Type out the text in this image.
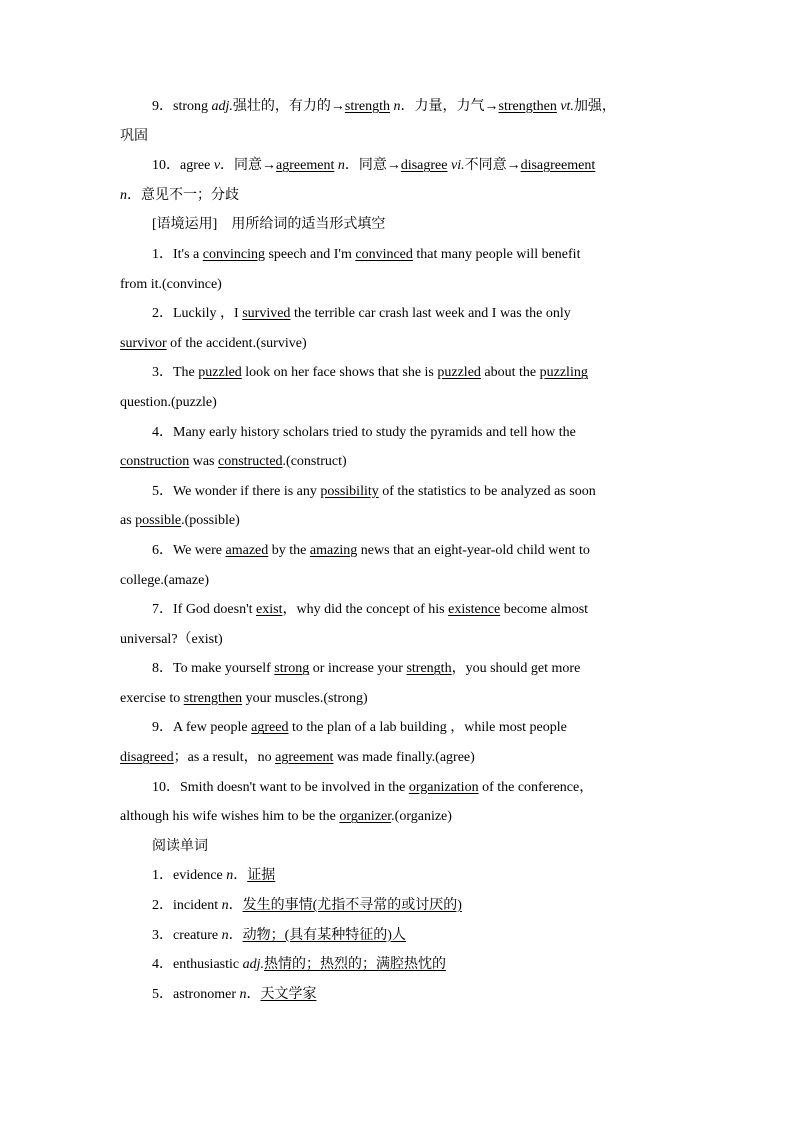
9．strong adj.强壮的，有力的→strength n．力量，力气→strengthen vt.加强，
巩固
10．agree v．同意→agreement n．同意→disagree vi.不同意→disagreement
n．意见不一；分歧
[语境运用]　用所给词的适当形式填空
1．It's a convincing speech and I'm convinced that many people will benefit
from it.(convince)
2．Luckily ，I survived the terrible car crash last week and I was the only
survivor of the accident.(survive)
3．The puzzled look on her face shows that she is puzzled about the puzzling
question.(puzzle)
4．Many early history scholars tried to study the pyramids and tell how the
construction was constructed.(construct)
5．We wonder if there is any possibility of the statistics to be analyzed as soon
as possible.(possible)
6．We were amazed by the amazing news that an eight-year-old child went to
college.(amaze)
7．If God doesn't exist，why did the concept of his existence become almost
universal?（exist)
8．To make yourself strong or increase your strength，you should get more
exercise to strengthen your muscles.(strong)
9．A few people agreed to the plan of a lab building ，while most people
disagreed；as a result，no agreement was made finally.(agree)
10．Smith doesn't want to be involved in the organization of the conference，
although his wife wishes him to be the organizer.(organize)
阅读单词
1．evidence n．证据
2．incident n．发生的事情(尤指不寻常的或讨厌的)
3．creature n．动物；(具有某种特征的)人
4．enthusiastic adj.热情的；热烈的；满腔热忱的
5．astronomer n．天文学家
